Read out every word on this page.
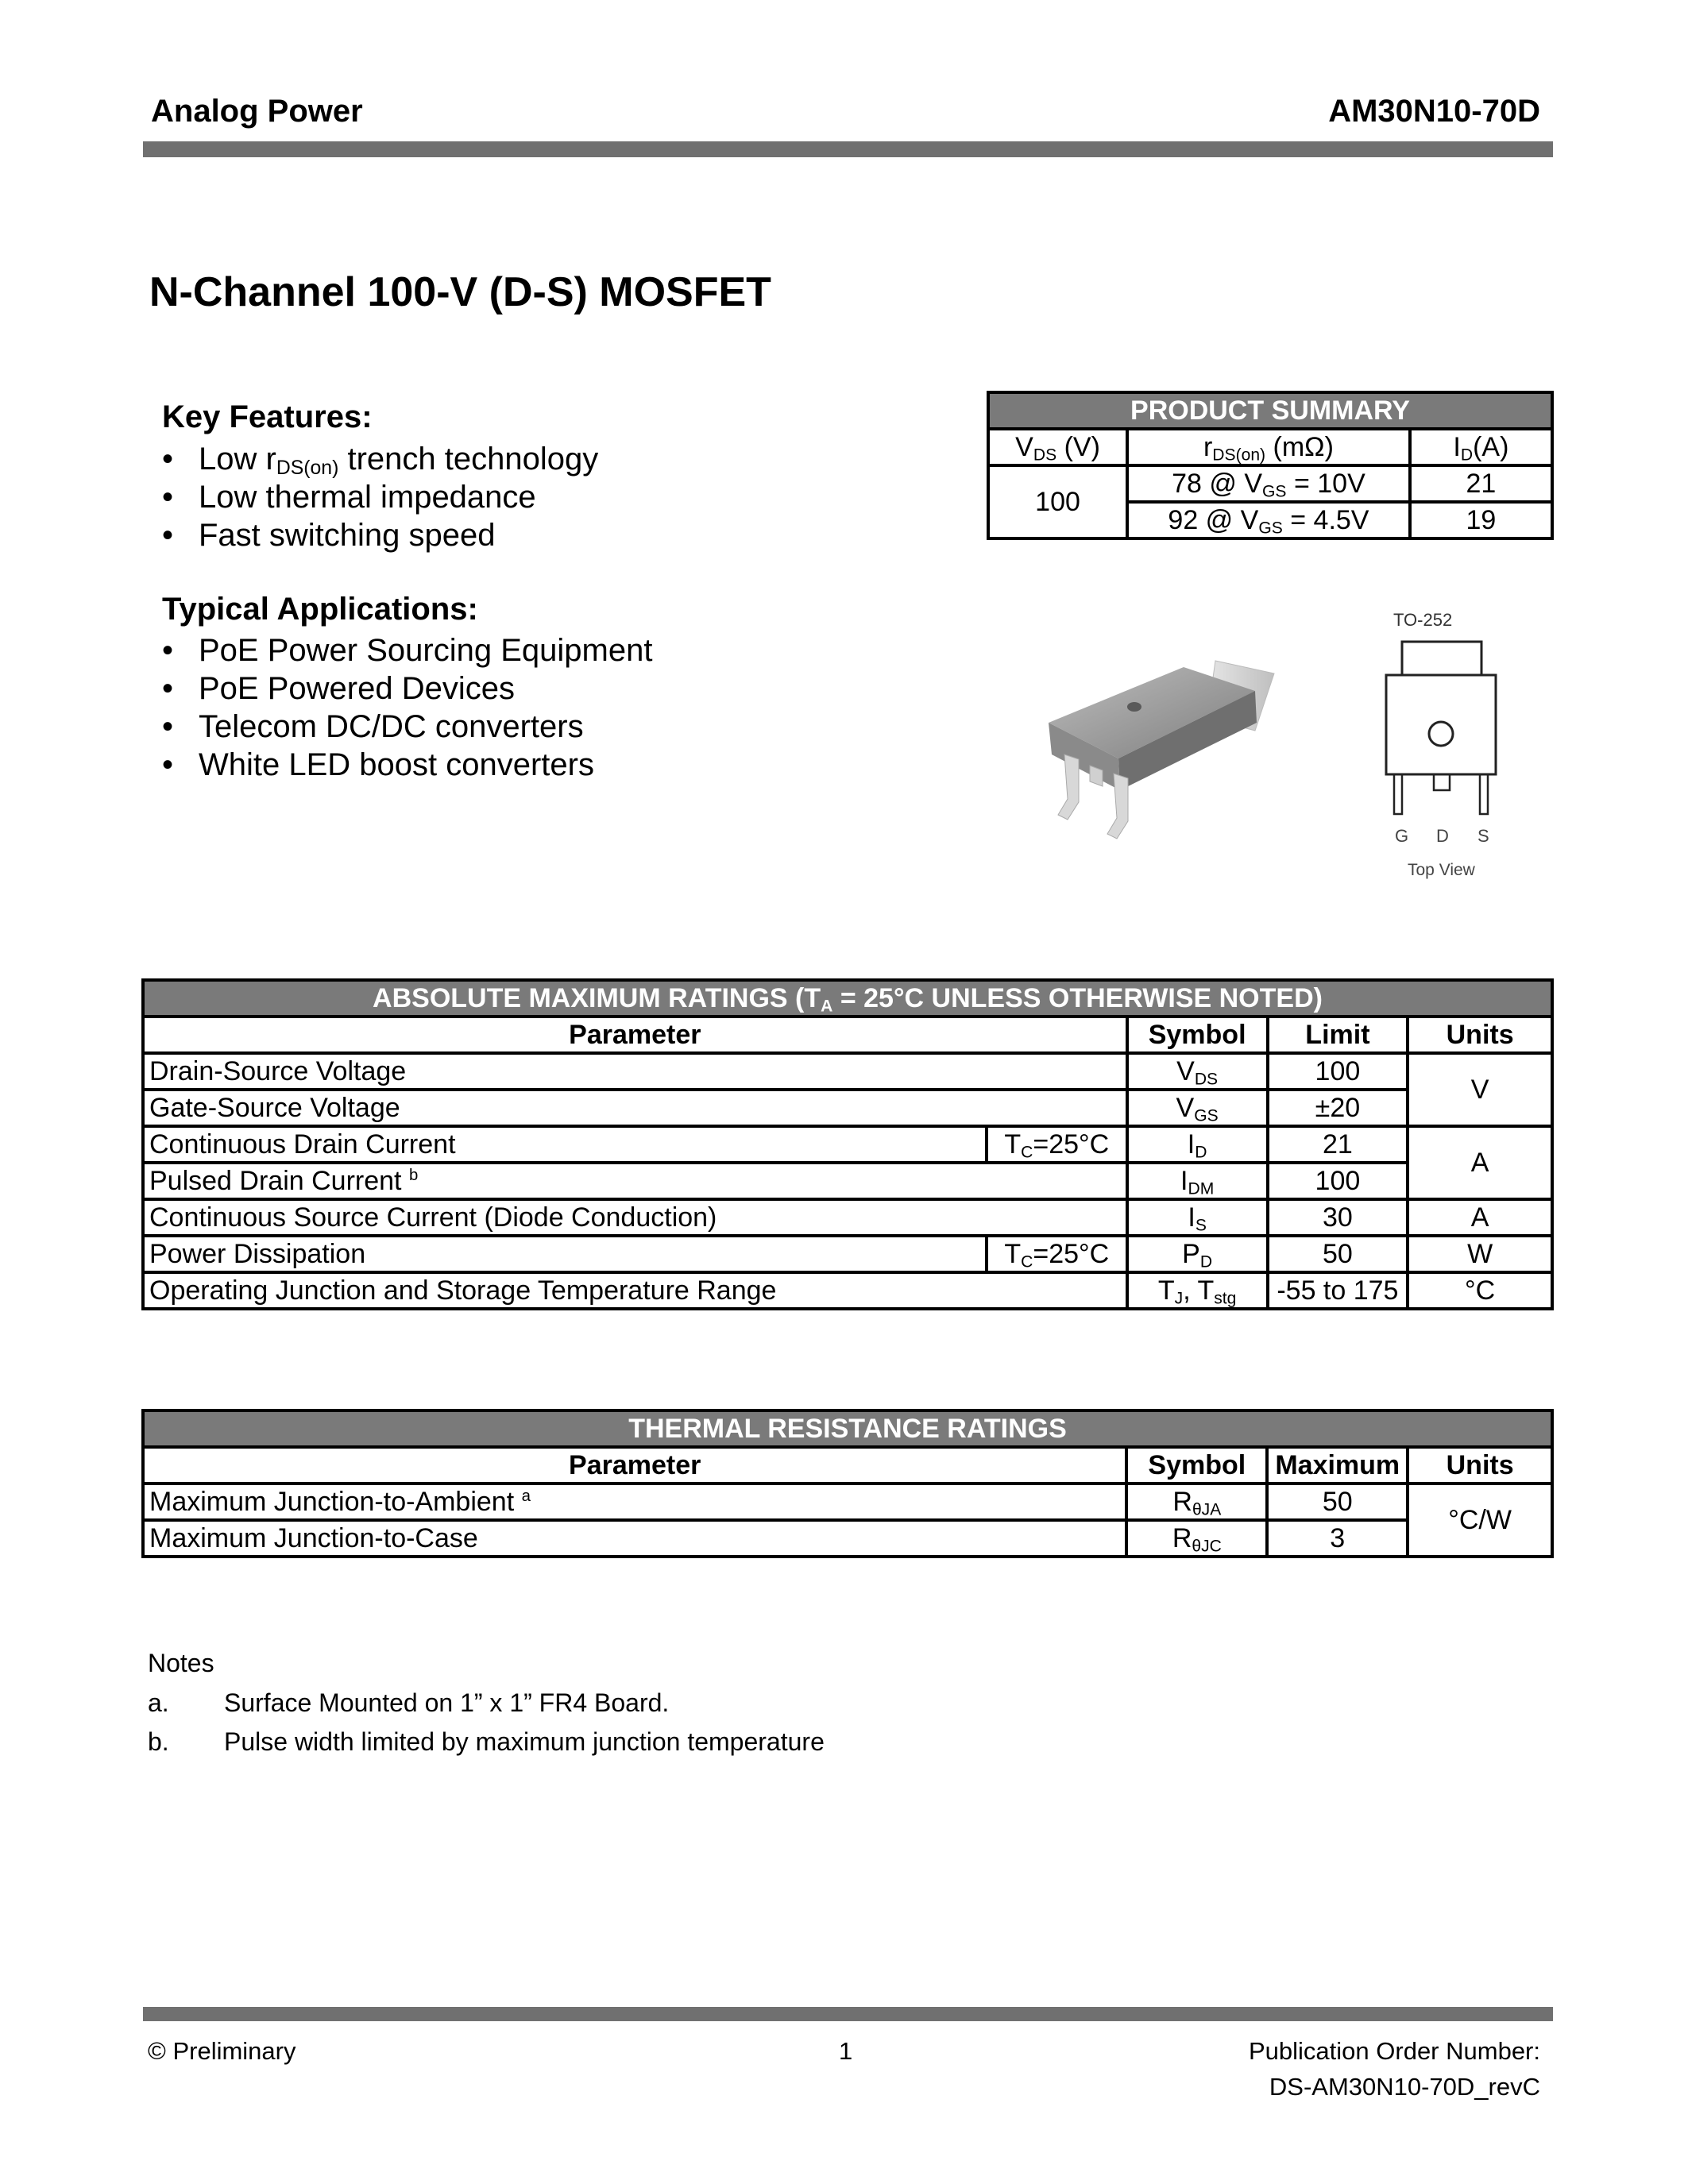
Analog Power	AM30N10-70D
N-Channel 100-V (D-S) MOSFET
Key Features:
• Low $r_{DS(on)}$ trench technology
• Low thermal impedance
• Fast switching speed
Typical Applications:
• PoE Power Sourcing Equipment
• PoE Powered Devices
• Telecom DC/DC converters
• White LED boost converters
PRODUCT SUMMARY		
$V_{DS}$ (V)	$r_{DS(on)}$ (mΩ)	$I_D(A)$
100	78 @ $V_{GS} = 10V$	21
	92 @ $V_{GS} = 4.5V$	19
TO-252
G D S
Top View
ABSOLUTE MAXIMUM RATINGS ($T_A = 25^\circ C$ UNLESS OTHERWISE NOTED)				
Parameter		Symbol	Limit	Units
Drain-Source Voltage		$V_{DS}$	100	V
Gate-Source Voltage		$V_{GS}$	±20	
Continuous Drain Current	$T_C=25^\circ C$	$I_D$	21	A
Pulsed Drain Current $^b$		$I_{DM}$	100	
Continuous Source Current (Diode Conduction)		$I_S$	30	A
Power Dissipation	$T_C=25^\circ C$	$P_D$	50	W
Operating Junction and Storage Temperature Range		$T_J$, $T_{stg}$	-55 to 175	°C
THERMAL RESISTANCE RATINGS			
Parameter	Symbol	Maximum	Units
Maximum Junction-to-Ambient $^a$	$R_{\theta JA}$	50	°C/W
Maximum Junction-to-Case	$R_{\theta JC}$	3	
Notes
a. Surface Mounted on 1” x 1” FR4 Board.
b. Pulse width limited by maximum junction temperature
© Preliminary	1	Publication Order Number:
DS-AM30N10-70D_revC
